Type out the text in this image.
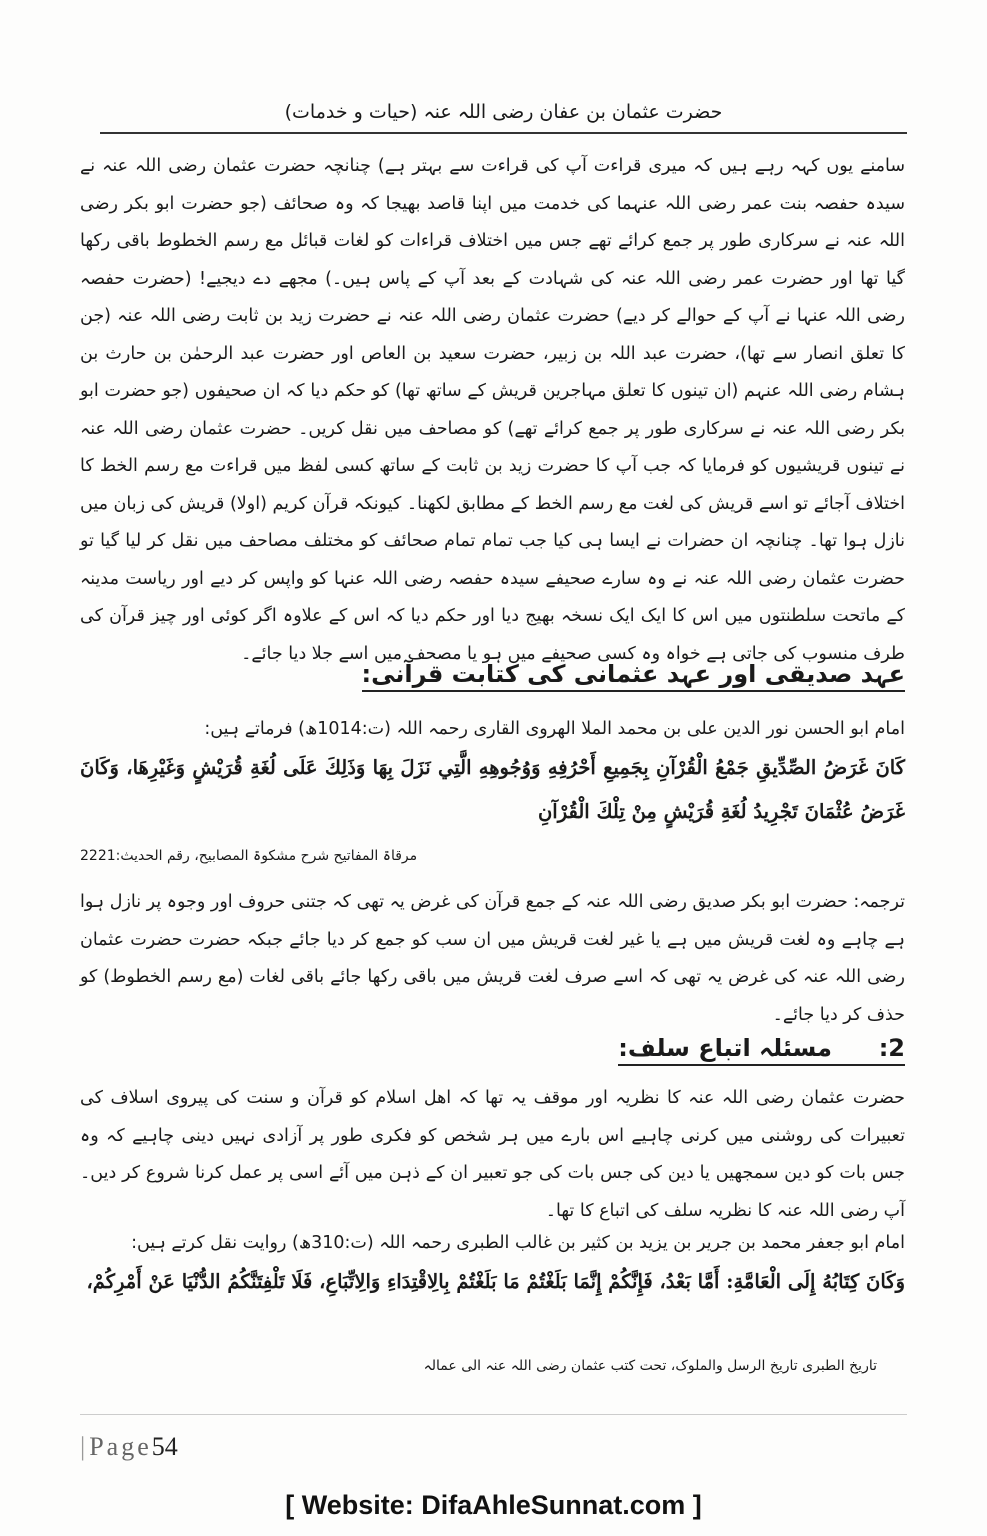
حضرت عثمان بن عفان رضی اللہ عنہ (حیات و خدمات)
سامنے یوں کہہ رہے ہیں کہ میری قراءت آپ کی قراءت سے بہتر ہے) چنانچہ حضرت عثمان رضی اللہ عنہ نے سیدہ حفصہ بنت عمر رضی اللہ عنہما کی خدمت میں اپنا قاصد بھیجا کہ وہ صحائف (جو حضرت ابو بکر رضی اللہ عنہ نے سرکاری طور پر جمع کرائے تھے جس میں اختلاف قراءات کو لغات قبائل مع رسم الخطوط باقی رکھا گیا تھا اور حضرت عمر رضی اللہ عنہ کی شہادت کے بعد آپ کے پاس ہیں۔) مجھے دے دیجیے! (حضرت حفصہ رضی اللہ عنہا نے آپ کے حوالے کر دیے) حضرت عثمان رضی اللہ عنہ نے حضرت زید بن ثابت رضی اللہ عنہ (جن کا تعلق انصار سے تھا)، حضرت عبد اللہ بن زبیر، حضرت سعید بن العاص اور حضرت عبد الرحمٰن بن حارث بن ہشام رضی اللہ عنہم (ان تینوں کا تعلق مہاجرین قریش کے ساتھ تھا) کو حکم دیا کہ ان صحیفوں (جو حضرت ابو بکر رضی اللہ عنہ نے سرکاری طور پر جمع کرائے تھے) کو مصاحف میں نقل کریں۔ حضرت عثمان رضی اللہ عنہ نے تینوں قریشیوں کو فرمایا کہ جب آپ کا حضرت زید بن ثابت کے ساتھ کسی لفظ میں قراءت مع رسم الخط کا اختلاف آجائے تو اسے قریش کی لغت مع رسم الخط کے مطابق لکھنا۔ کیونکہ قرآن کریم (اولا) قریش کی زبان میں نازل ہوا تھا۔ چنانچہ ان حضرات نے ایسا ہی کیا جب تمام تمام صحائف کو مختلف مصاحف میں نقل کر لیا گیا تو حضرت عثمان رضی اللہ عنہ نے وہ سارے صحیفے سیدہ حفصہ رضی اللہ عنہا کو واپس کر دیے اور ریاست مدینہ کے ماتحت سلطنتوں میں اس کا ایک ایک نسخہ بھیج دیا اور حکم دیا کہ اس کے علاوہ اگر کوئی اور چیز قرآن کی طرف منسوب کی جاتی ہے خواہ وہ کسی صحیفے میں ہو یا مصحف میں اسے جلا دیا جائے۔
عہد صدیقی اور عہد عثمانی کی کتابت قرآنی:
امام ابو الحسن نور الدین علی بن محمد الملا الھروی القاری رحمہ اللہ (ت:1014ھ) فرماتے ہیں:
كَانَ غَرَضُ الصِّدِّيقِ جَمْعُ الْقُرْآنِ بِجَمِيعِ أَحْرُفِهِ وَوُجُوهِهِ الَّتِي نَزَلَ بِهَا وَذَلِكَ عَلَى لُغَةِ قُرَيْشٍ وَغَيْرِهَا، وَكَانَ غَرَضُ عُثْمَانَ تَجْرِيدُ لُغَةِ قُرَيْشٍ مِنْ تِلْكَ الْقُرْآنِ
مرقاۃ المفاتیح شرح مشکوۃ المصابیح، رقم الحدیث:2221
ترجمہ: حضرت ابو بکر صدیق رضی اللہ عنہ کے جمع قرآن کی غرض یہ تھی کہ جتنی حروف اور وجوہ پر نازل ہوا ہے چاہے وہ لغت قریش میں ہے یا غیر لغت قریش میں ان سب کو جمع کر دیا جائے جبکہ حضرت حضرت عثمان رضی اللہ عنہ کی غرض یہ تھی کہ اسے صرف لغت قریش میں باقی رکھا جائے باقی لغات (مع رسم الخطوط) کو حذف کر دیا جائے۔
2:  مسئلہ اتباع سلف:
حضرت عثمان رضی اللہ عنہ کا نظریہ اور موقف یہ تھا کہ اھل اسلام کو قرآن و سنت کی پیروی اسلاف کی تعبیرات کی روشنی میں کرنی چاہیے اس بارے میں ہر شخص کو فکری طور پر آزادی نہیں دینی چاہیے کہ وہ جس بات کو دین سمجھیں یا دین کی جس بات کی جو تعبیر ان کے ذہن میں آئے اسی پر عمل کرنا شروع کر دیں۔ آپ رضی اللہ عنہ کا نظریہ سلف کی اتباع کا تھا۔
امام ابو جعفر محمد بن جریر بن یزید بن کثیر بن غالب الطبری رحمہ اللہ (ت:310ھ) روایت نقل کرتے ہیں:
وَكَانَ كِتَابُهُ إِلَى الْعَامَّةِ: أَمَّا بَعْدُ، فَإِنَّكُمْ إِنَّمَا بَلَغْتُمْ مَا بَلَغْتُمْ بِالِاقْتِدَاءِ وَالِاتِّبَاعِ، فَلَا تَلْفِتَنَّكُمُ الدُّنْيَا عَنْ أَمْرِكُمْ،
تاریخ الطبری تاریخ الرسل والملوک، تحت کتب عثمان رضی اللہ عنہ الی عمالہ
| Page54
[ Website: DifaAhleSunnat.com ]
